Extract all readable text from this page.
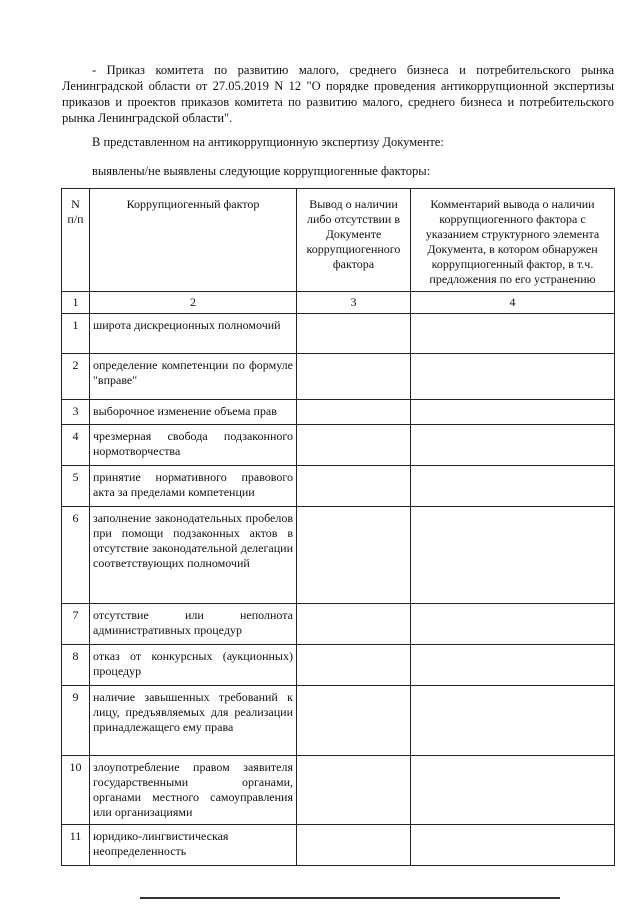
- Приказ комитета по развитию малого, среднего бизнеса и потребительского рынка Ленинградской области от 27.05.2019 N 12 "О порядке проведения антикоррупционной экспертизы приказов и проектов приказов комитета по развитию малого, среднего бизнеса и потребительского рынка Ленинградской области".
В представленном на антикоррупционную экспертизу Документе:
выявлены/не выявлены следующие коррупциогенные факторы:
N п/п	Коррупциогенный фактор	Вывод о наличии либо отсутствии в Документе коррупциогенного фактора	Комментарий вывода о наличии коррупциогенного фактора с указанием структурного элемента Документа, в котором обнаружен коррупциогенный фактор, в т.ч. предложения по его устранению
1	2	3	4
1	широта дискреционных полномочий		
2	определение компетенции по формуле "вправе"		
3	выборочное изменение объема прав		
4	чрезмерная свобода подзаконного нормотворчества		
5	принятие нормативного правового акта за пределами компетенции		
6	заполнение законодательных пробелов при помощи подзаконных актов в отсутствие законодательной делегации соответствующих полномочий		
7	отсутствие или неполнота административных процедур		
8	отказ от конкурсных (аукционных) процедур		
9	наличие завышенных требований к лицу, предъявляемых для реализации принадлежащего ему права		
10	злоупотребление правом заявителя государственными органами, органами местного самоуправления или организациями		
11	юридико-лингвистическая неопределенность		
